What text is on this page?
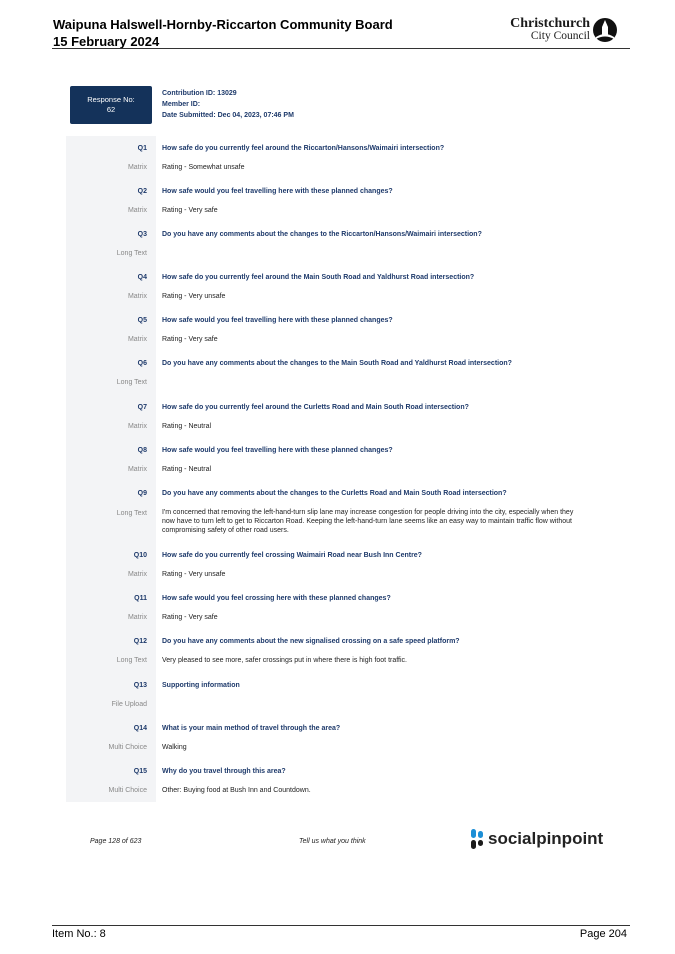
Waipuna Halswell-Hornby-Riccarton Community Board
15 February 2024
Christchurch
City Council
Response No:
62
Contribution ID: 13029
Member ID:
Date Submitted: Dec 04, 2023, 07:46 PM
Q1 How safe do you currently feel around the Riccarton/Hansons/Waimairi intersection?
Matrix Rating - Somewhat unsafe
Q2 How safe would you feel travelling here with these planned changes?
Matrix Rating - Very safe
Q3 Do you have any comments about the changes to the Riccarton/Hansons/Waimairi intersection?
Long Text
Q4 How safe do you currently feel around the Main South Road and Yaldhurst Road intersection?
Matrix Rating - Very unsafe
Q5 How safe would you feel travelling here with these planned changes?
Matrix Rating - Very safe
Q6 Do you have any comments about the changes to the Main South Road and Yaldhurst Road intersection?
Long Text
Q7 How safe do you currently feel around the Curletts Road and Main South Road intersection?
Matrix Rating - Neutral
Q8 How safe would you feel travelling here with these planned changes?
Matrix Rating - Neutral
Q9 Do you have any comments about the changes to the Curletts Road and Main South Road intersection?
Long Text I'm concerned that removing the left-hand-turn slip lane may increase congestion for people driving into the city, especially when they now have to turn left to get to Riccarton Road. Keeping the left-hand-turn lane seems like an easy way to maintain traffic flow without compromising safety of other road users.
Q10 How safe do you currently feel crossing Waimairi Road near Bush Inn Centre?
Matrix Rating - Very unsafe
Q11 How safe would you feel crossing here with these planned changes?
Matrix Rating - Very safe
Q12 Do you have any comments about the new signalised crossing on a safe speed platform?
Long Text Very pleased to see more, safer crossings put in where there is high foot traffic.
Q13 Supporting information
File Upload
Q14 What is your main method of travel through the area?
Multi Choice Walking
Q15 Why do you travel through this area?
Multi Choice Other: Buying food at Bush Inn and Countdown.
Page 128 of 623	Tell us what you think	socialpinpoint
Item No.: 8	Page 204
